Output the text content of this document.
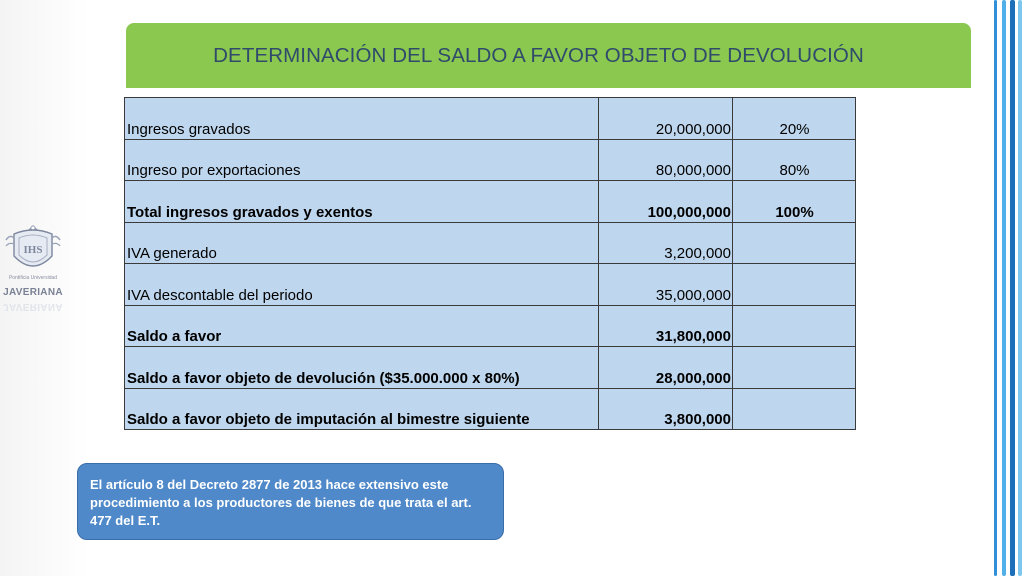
IHS
Pontificia Universidad
JAVERIANA
JAVERIANA
DETERMINACIÓN DEL SALDO A FAVOR OBJETO DE DEVOLUCIÓN
Ingresos gravados	20,000,000	20%
Ingreso por exportaciones	80,000,000	80%
Total ingresos gravados y exentos	100,000,000	100%
IVA generado	3,200,000	
IVA descontable del periodo	35,000,000	
Saldo a favor	31,800,000	
Saldo a favor objeto de devolución ($35.000.000 x 80%)	28,000,000	
Saldo a favor objeto de imputación al bimestre siguiente	3,800,000	
El artículo 8 del Decreto 2877 de 2013 hace extensivo este procedimiento a los productores de bienes de que trata el art. 477 del E.T.
